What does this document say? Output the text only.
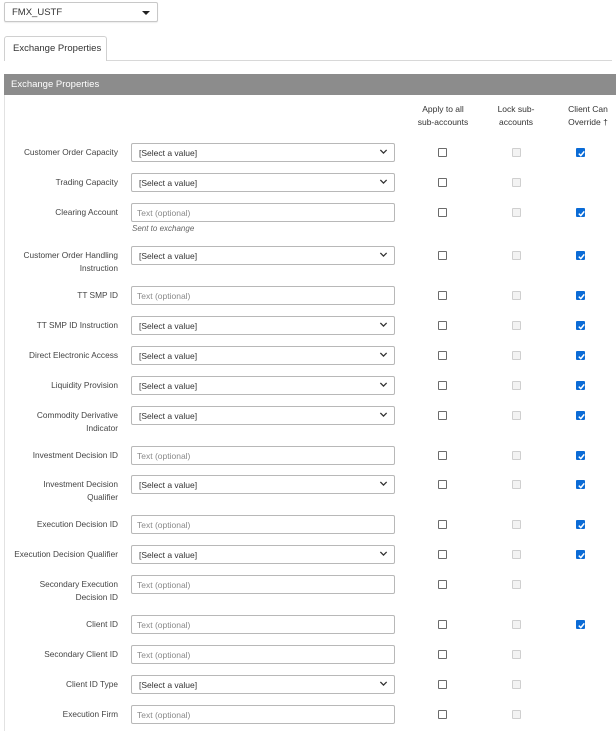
FMX_USTF
Exchange Properties
Exchange Properties
Apply to all
sub-accounts
Lock sub-
accounts
Client Can
Override †
Customer Order Capacity [Select a value]
Trading Capacity [Select a value]
Clearing Account Text (optional)
Sent to exchange
Customer Order Handling
Instruction
[Select a value]
TT SMP ID Text (optional)
TT SMP ID Instruction [Select a value]
Direct Electronic Access [Select a value]
Liquidity Provision [Select a value]
Commodity Derivative
Indicator
[Select a value]
Investment Decision ID Text (optional)
Investment Decision
Qualifier
[Select a value]
Execution Decision ID Text (optional)
Execution Decision Qualifier [Select a value]
Secondary Execution
Decision ID
Text (optional)
Client ID Text (optional)
Secondary Client ID Text (optional)
Client ID Type [Select a value]
Execution Firm Text (optional)
